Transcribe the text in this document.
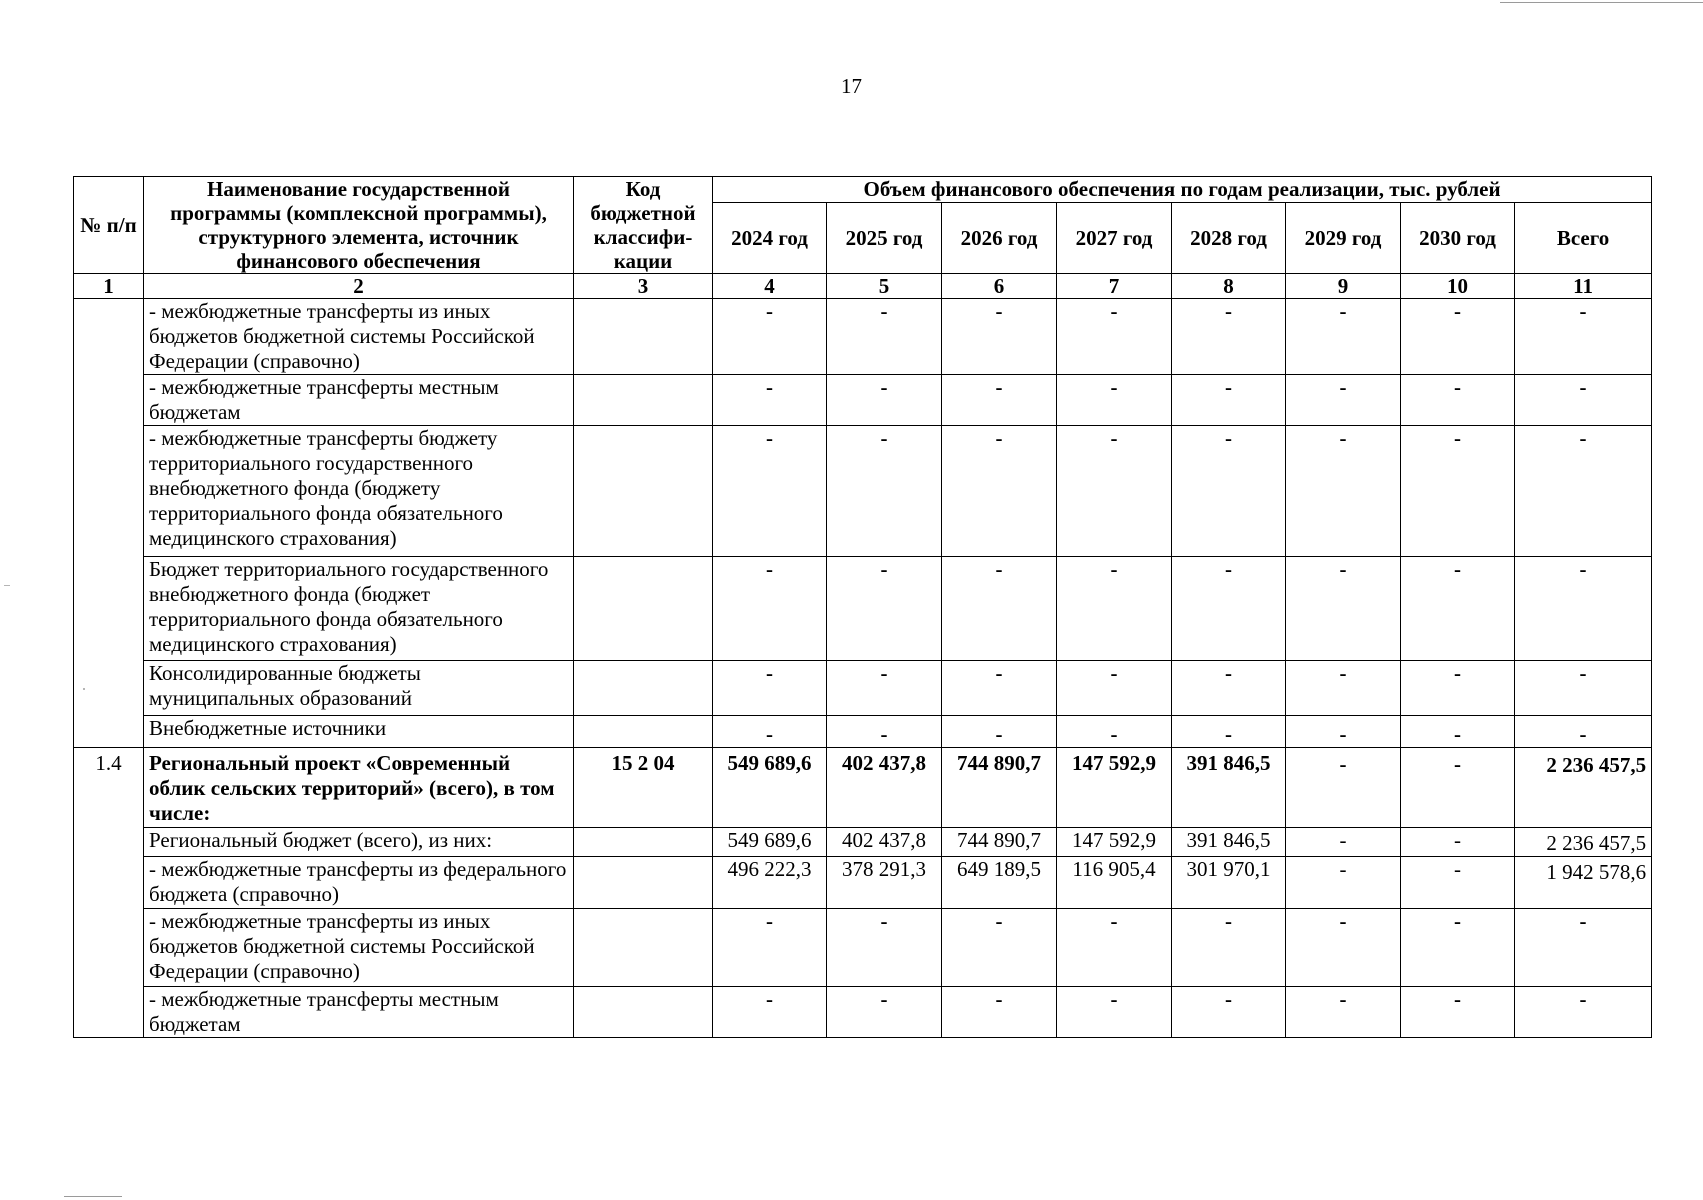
17
№ п/п	Наименование государственной программы (комплексной программы), структурного элемента, источник финансового обеспечения	Код бюджетной классифи-кации	Объем финансового обеспечения по годам реализации, тыс. рублей							
			2024 год	2025 год	2026 год	2027 год	2028 год	2029 год	2030 год	Всего
1	2	3	4	5	6	7	8	9	10	11
	- межбюджетные трансферты из иных бюджетов бюджетной системы Российской Федерации (справочно)		-	-	-	-	-	-	-	-
	- межбюджетные трансферты местным бюджетам		-	-	-	-	-	-	-	-
	- межбюджетные трансферты бюджету территориального государственного внебюджетного фонда (бюджету территориального фонда обязательного медицинского страхования)		-	-	-	-	-	-	-	-
	Бюджет территориального государственного внебюджетного фонда (бюджет территориального фонда обязательного медицинского страхования)		-	-	-	-	-	-	-	-
	Консолидированные бюджеты муниципальных образований		-	-	-	-	-	-	-	-
	Внебюджетные источники		-	-	-	-	-	-	-	-
1.4	Региональный проект «Современный облик сельских территорий» (всего), в том числе:	15 2 04	549 689,6	402 437,8	744 890,7	147 592,9	391 846,5	-	-	2 236 457,5
	Региональный бюджет (всего), из них:		549 689,6	402 437,8	744 890,7	147 592,9	391 846,5	-	-	2 236 457,5
	- межбюджетные трансферты из федерального бюджета (справочно)		496 222,3	378 291,3	649 189,5	116 905,4	301 970,1	-	-	1 942 578,6
	- межбюджетные трансферты из иных бюджетов бюджетной системы Российской Федерации (справочно)		-	-	-	-	-	-	-	-
	- межбюджетные трансферты местным бюджетам		-	-	-	-	-	-	-	-
